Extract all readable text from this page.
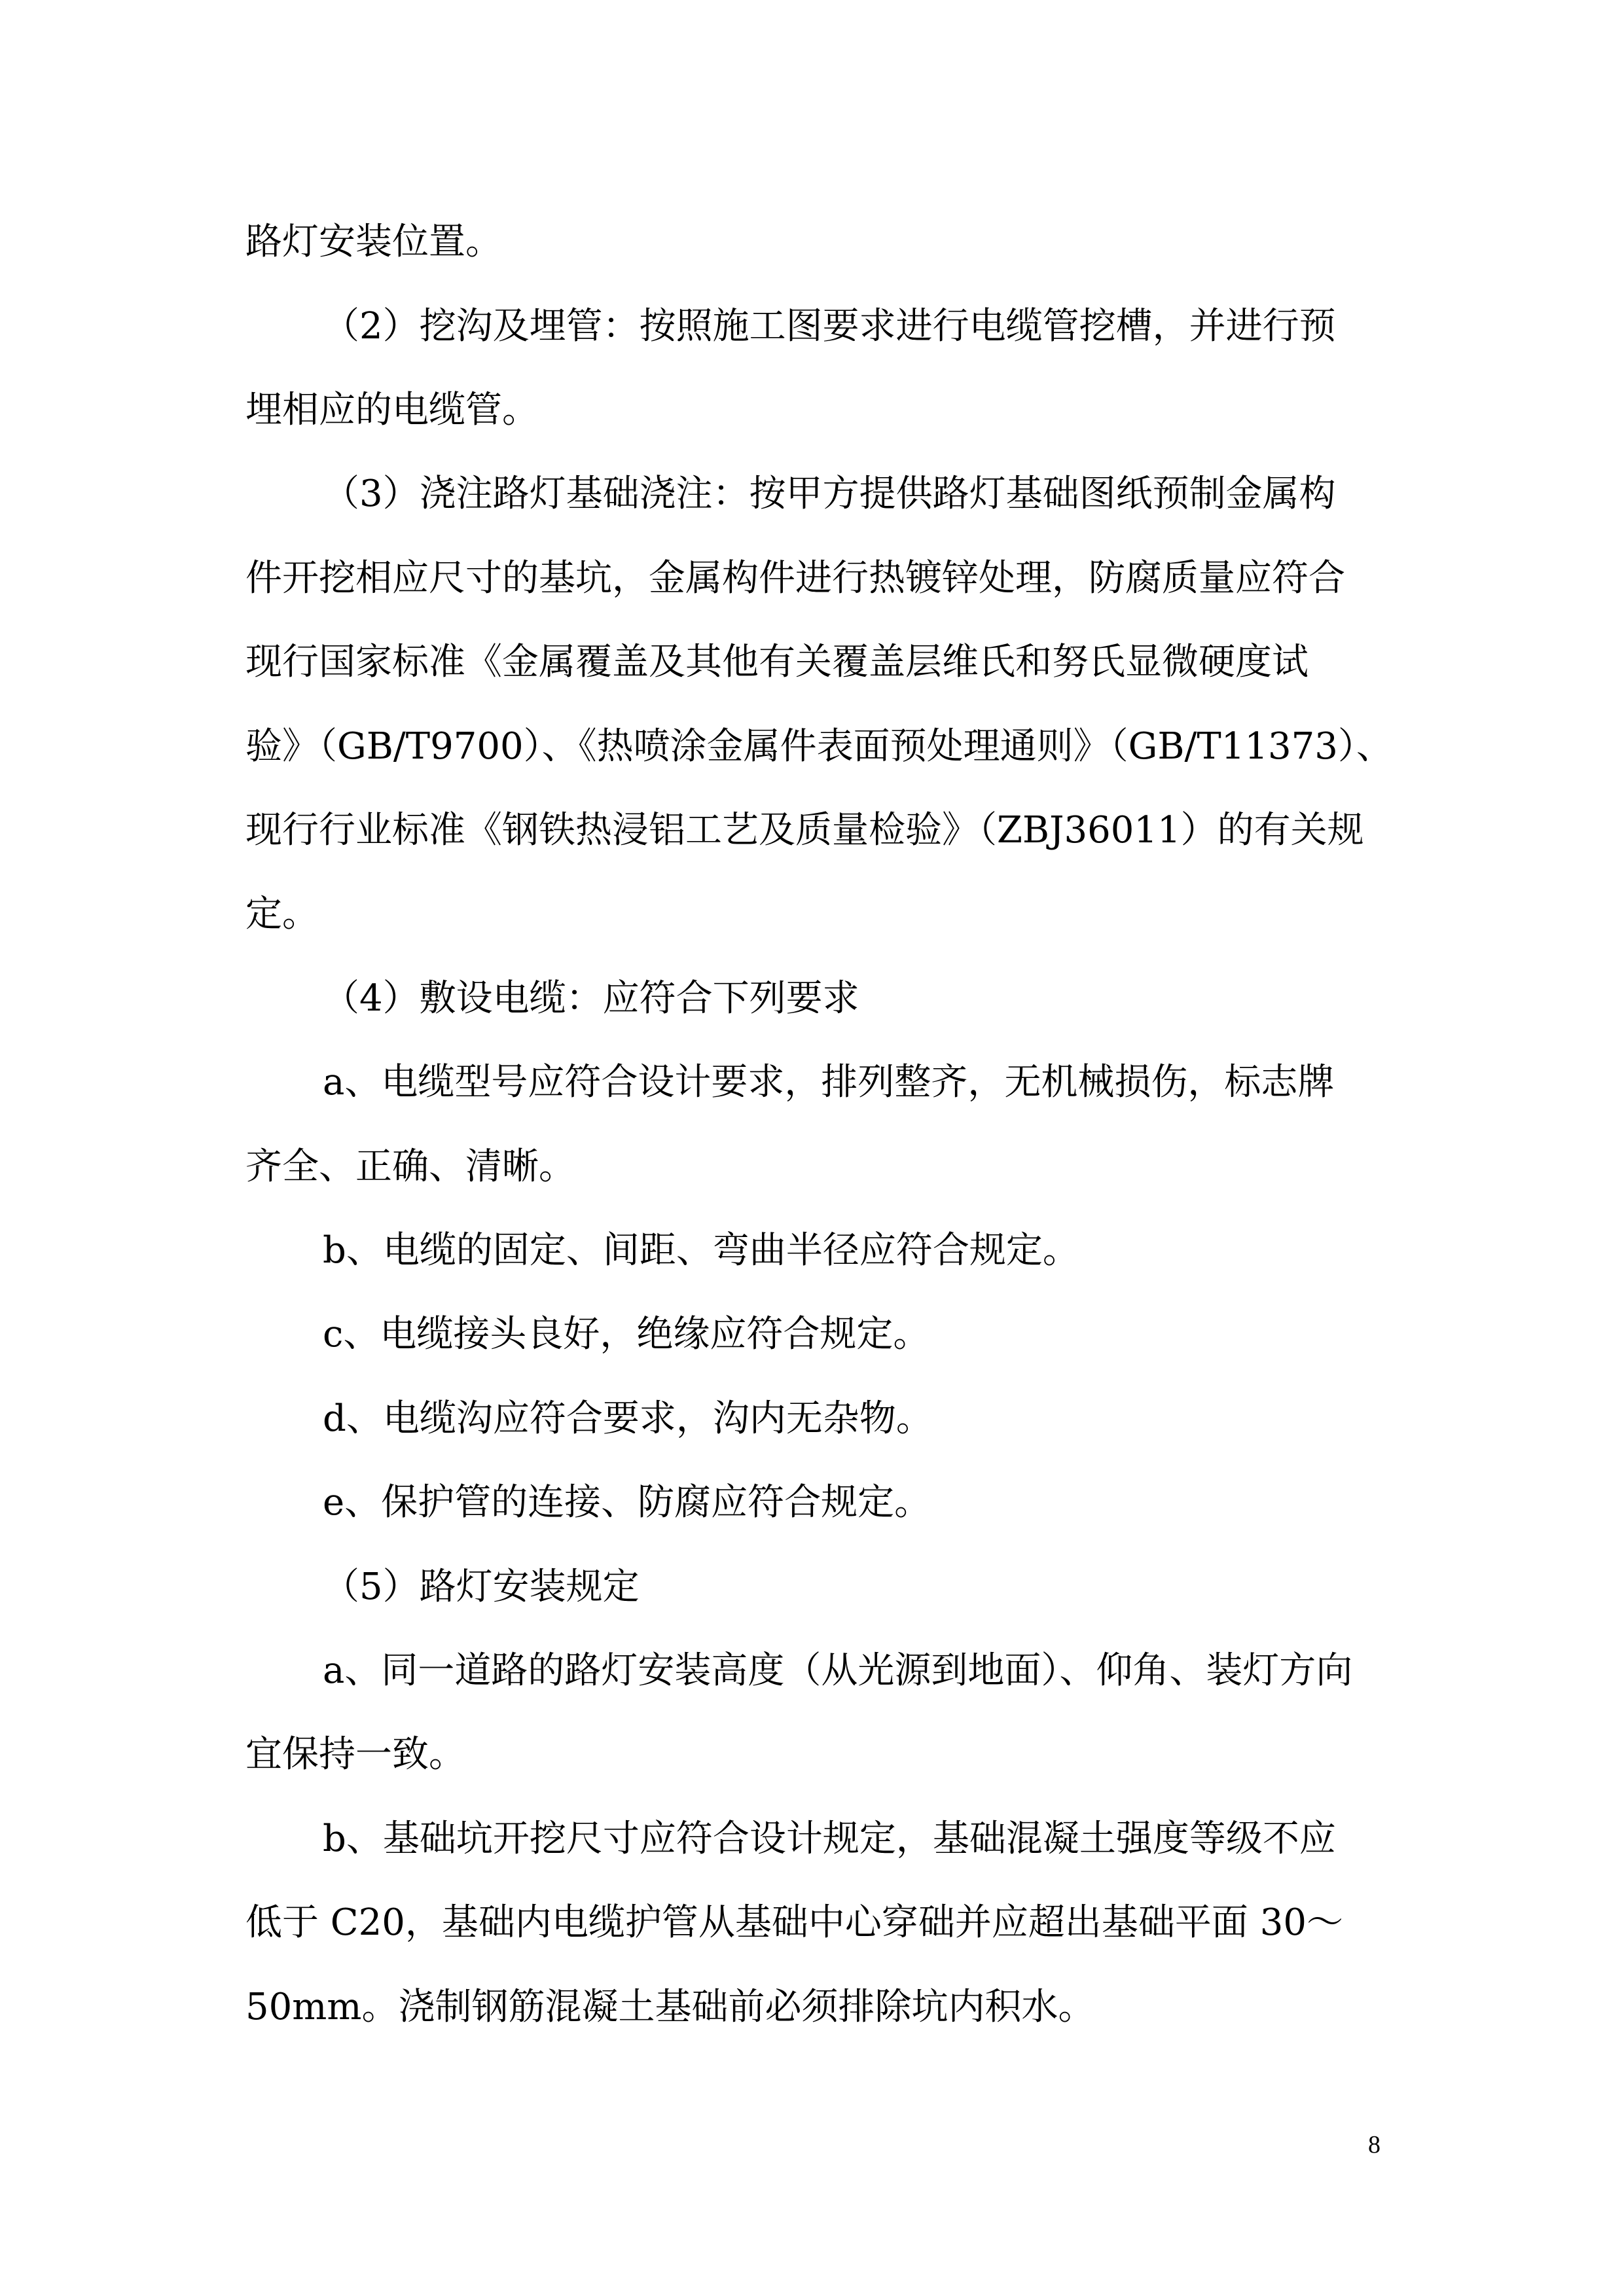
路灯安装位置。
（2）挖沟及埋管：按照施工图要求进行电缆管挖槽，并进行预
埋相应的电缆管。
（3）浇注路灯基础浇注：按甲方提供路灯基础图纸预制金属构
件开挖相应尺寸的基坑，金属构件进行热镀锌处理，防腐质量应符合
现行国家标准《金属覆盖及其他有关覆盖层维氏和努氏显微硬度试
验》（GB/T9700）、《热喷涂金属件表面预处理通则》（GB/T11373）、
现行行业标准《钢铁热浸铝工艺及质量检验》（ZBJ36011）的有关规
定。
（4）敷设电缆：应符合下列要求
a、电缆型号应符合设计要求，排列整齐，无机械损伤，标志牌
齐全、正确、清晰。
b、电缆的固定、间距、弯曲半径应符合规定。
c、电缆接头良好，绝缘应符合规定。
d、电缆沟应符合要求，沟内无杂物。
e、保护管的连接、防腐应符合规定。
（5）路灯安装规定
a、同一道路的路灯安装高度（从光源到地面）、仰角、装灯方向
宜保持一致。
b、基础坑开挖尺寸应符合设计规定，基础混凝土强度等级不应
低于 C20，基础内电缆护管从基础中心穿础并应超出基础平面 30～
50mm。浇制钢筋混凝土基础前必须排除坑内积水。
8
